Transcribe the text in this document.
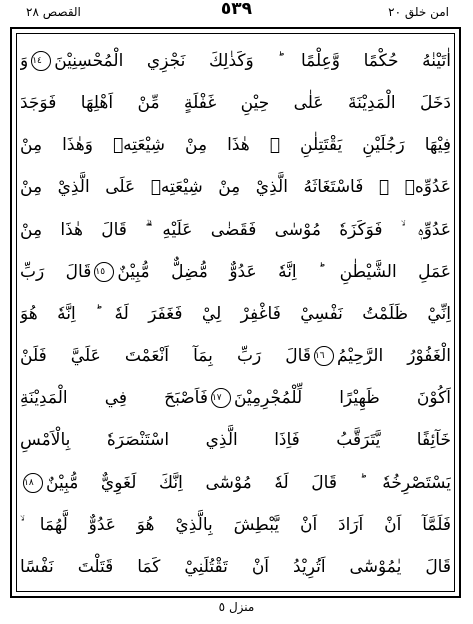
القصص ٢٨	٥٣٩	امن خلق ٢٠
اٰتَيْنٰهُ حُكْمًا وَّعِلْمًا ؕ وَكَذٰلِكَ نَجْزِي الْمُحْسِنِيْنَ١٤وَ
دَخَلَ الْمَدِيْنَةَ عَلٰى حِيْنِ غَفْلَةٍ مِّنْ اَهْلِهَا فَوَجَدَ
فِيْهَا رَجُلَيْنِ يَقْتَتِلٰنِ ۫ هٰذَا مِنْ شِيْعَتِهٖ وَهٰذَا مِنْ
عَدُوِّهٖ ۚ فَاسْتَغَاثَهُ الَّذِيْ مِنْ شِيْعَتِهٖ عَلَى الَّذِيْ مِنْ
عَدُوِّهٖ ۙ فَوَكَزَهٗ مُوْسٰى فَقَضٰى عَلَيْهِ ۗ قَالَ هٰذَا مِنْ
عَمَلِ الشَّيْطٰنِ ؕ اِنَّهٗ عَدُوٌّ مُّضِلٌّ مُّبِيْنٌ١٥قَالَ رَبِّ
اِنِّيْ ظَلَمْتُ نَفْسِيْ فَاغْفِرْ لِيْ فَغَفَرَ لَهٗ ؕ اِنَّهٗ هُوَ
الْغَفُوْرُ الرَّحِيْمُ١٦قَالَ رَبِّ بِمَآ اَنْعَمْتَ عَلَيَّ فَلَنْ
اَكُوْنَ ظَهِيْرًا لِّلْمُجْرِمِيْنَ١٧فَاَصْبَحَ فِي الْمَدِيْنَةِ
خَآئِفًا يَّتَرَقَّبُ فَاِذَا الَّذِي اسْتَنْصَرَهٗ بِالْاَمْسِ
يَسْتَصْرِخُهٗ ؕ قَالَ لَهٗ مُوْسٰٓى اِنَّكَ لَغَوِيٌّ مُّبِيْنٌ١٨
فَلَمَّآ اَنْ اَرَادَ اَنْ يَّبْطِشَ بِالَّذِيْ هُوَ عَدُوٌّ لَّهُمَا ۙ
قَالَ يٰمُوْسٰٓى اَتُرِيْدُ اَنْ تَقْتُلَنِيْ كَمَا قَتَلْتَ نَفْسًا
منزل ٥
